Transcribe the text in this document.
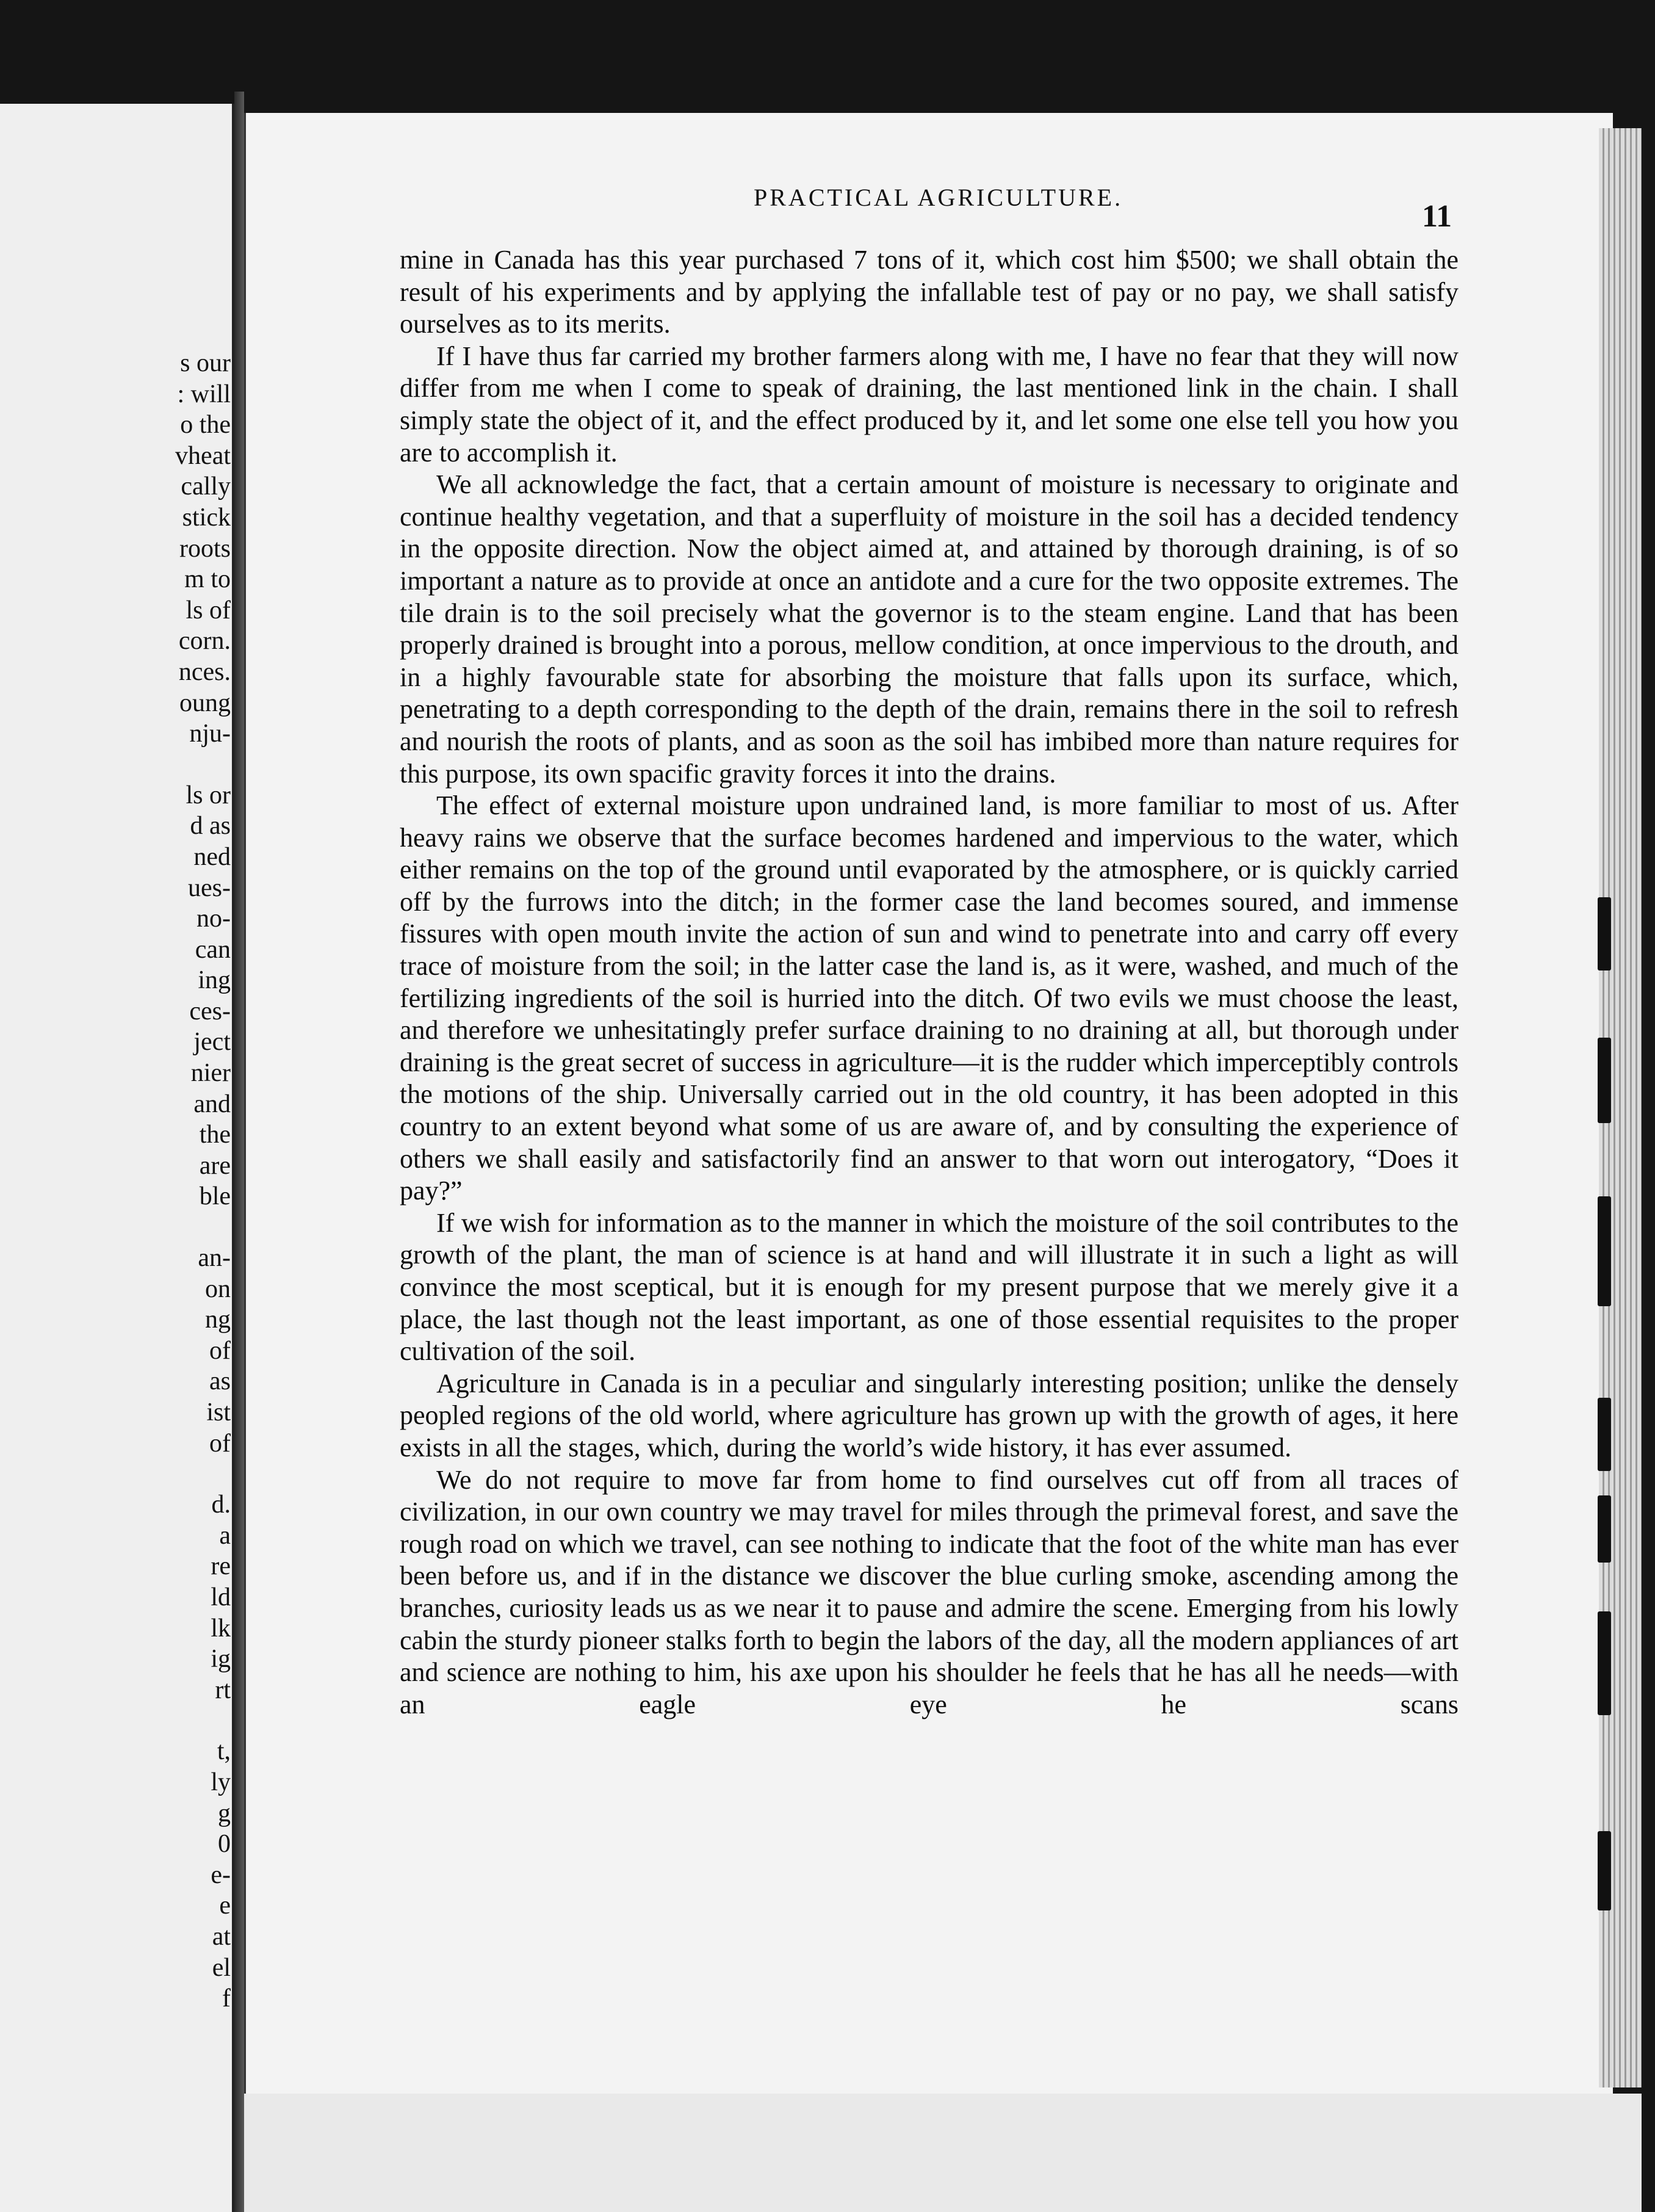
s our
: will
o the
vheat
cally
stick
roots
m to
ls of
corn.
nces.
oung
nju-
ls or
d as
ned
ues-
no-
can
ing
ces-
ject
nier
and
the
are
ble
an-
on
ng
of
as
ist
of
d.
a
re
ld
lk
ig
rt
t,
ly
g
0
e-
e
at
el
f
PRACTICAL AGRICULTURE.
11

mine in Canada has this year purchased 7 tons of it, which cost him $500; we shall obtain the result of his experiments and by applying the infallable test of pay or no pay, we shall satisfy ourselves as to its merits.

If I have thus far carried my brother farmers along with me, I have no fear that they will now differ from me when I come to speak of draining, the last mentioned link in the chain. I shall simply state the object of it, and the effect produced by it, and let some one else tell you how you are to accomplish it.

We all acknowledge the fact, that a certain amount of moisture is necessary to originate and continue healthy vegetation, and that a superfluity of moisture in the soil has a decided tendency in the opposite direction. Now the object aimed at, and attained by thorough draining, is of so important a nature as to provide at once an antidote and a cure for the two opposite extremes. The tile drain is to the soil precisely what the governor is to the steam engine. Land that has been properly drained is brought into a porous, mellow condition, at once impervious to the drouth, and in a highly favourable state for absorbing the moisture that falls upon its surface, which, penetrating to a depth corresponding to the depth of the drain, remains there in the soil to refresh and nourish the roots of plants, and as soon as the soil has imbibed more than nature requires for this purpose, its own spacific gravity forces it into the drains.

The effect of external moisture upon undrained land, is more familiar to most of us. After heavy rains we observe that the surface becomes hardened and impervious to the water, which either remains on the top of the ground until evaporated by the atmosphere, or is quickly carried off by the furrows into the ditch; in the former case the land becomes soured, and immense fissures with open mouth invite the action of sun and wind to penetrate into and carry off every trace of moisture from the soil; in the latter case the land is, as it were, washed, and much of the fertilizing ingredients of the soil is hurried into the ditch. Of two evils we must choose the least, and therefore we unhesitatingly prefer surface draining to no draining at all, but thorough under draining is the great secret of success in agriculture—it is the rudder which imperceptibly controls the motions of the ship. Universally carried out in the old country, it has been adopted in this country to an extent beyond what some of us are aware of, and by consulting the experience of others we shall easily and satisfactorily find an answer to that worn out interogatory, “Does it pay?”

If we wish for information as to the manner in which the moisture of the soil contributes to the growth of the plant, the man of science is at hand and will illustrate it in such a light as will convince the most sceptical, but it is enough for my present purpose that we merely give it a place, the last though not the least important, as one of those essential requisites to the proper cultivation of the soil.

Agriculture in Canada is in a peculiar and singularly interesting position; unlike the densely peopled regions of the old world, where agriculture has grown up with the growth of ages, it here exists in all the stages, which, during the world’s wide history, it has ever assumed.

We do not require to move far from home to find ourselves cut off from all traces of civilization, in our own country we may travel for miles through the primeval forest, and save the rough road on which we travel, can see nothing to indicate that the foot of the white man has ever been before us, and if in the distance we discover the blue curling smoke, ascending among the branches, curiosity leads us as we near it to pause and admire the scene. Emerging from his lowly cabin the sturdy pioneer stalks forth to begin the labors of the day, all the modern appliances of art and science are nothing to him, his axe upon his shoulder he feels that he has all he needs—with an eagle eye he scans
